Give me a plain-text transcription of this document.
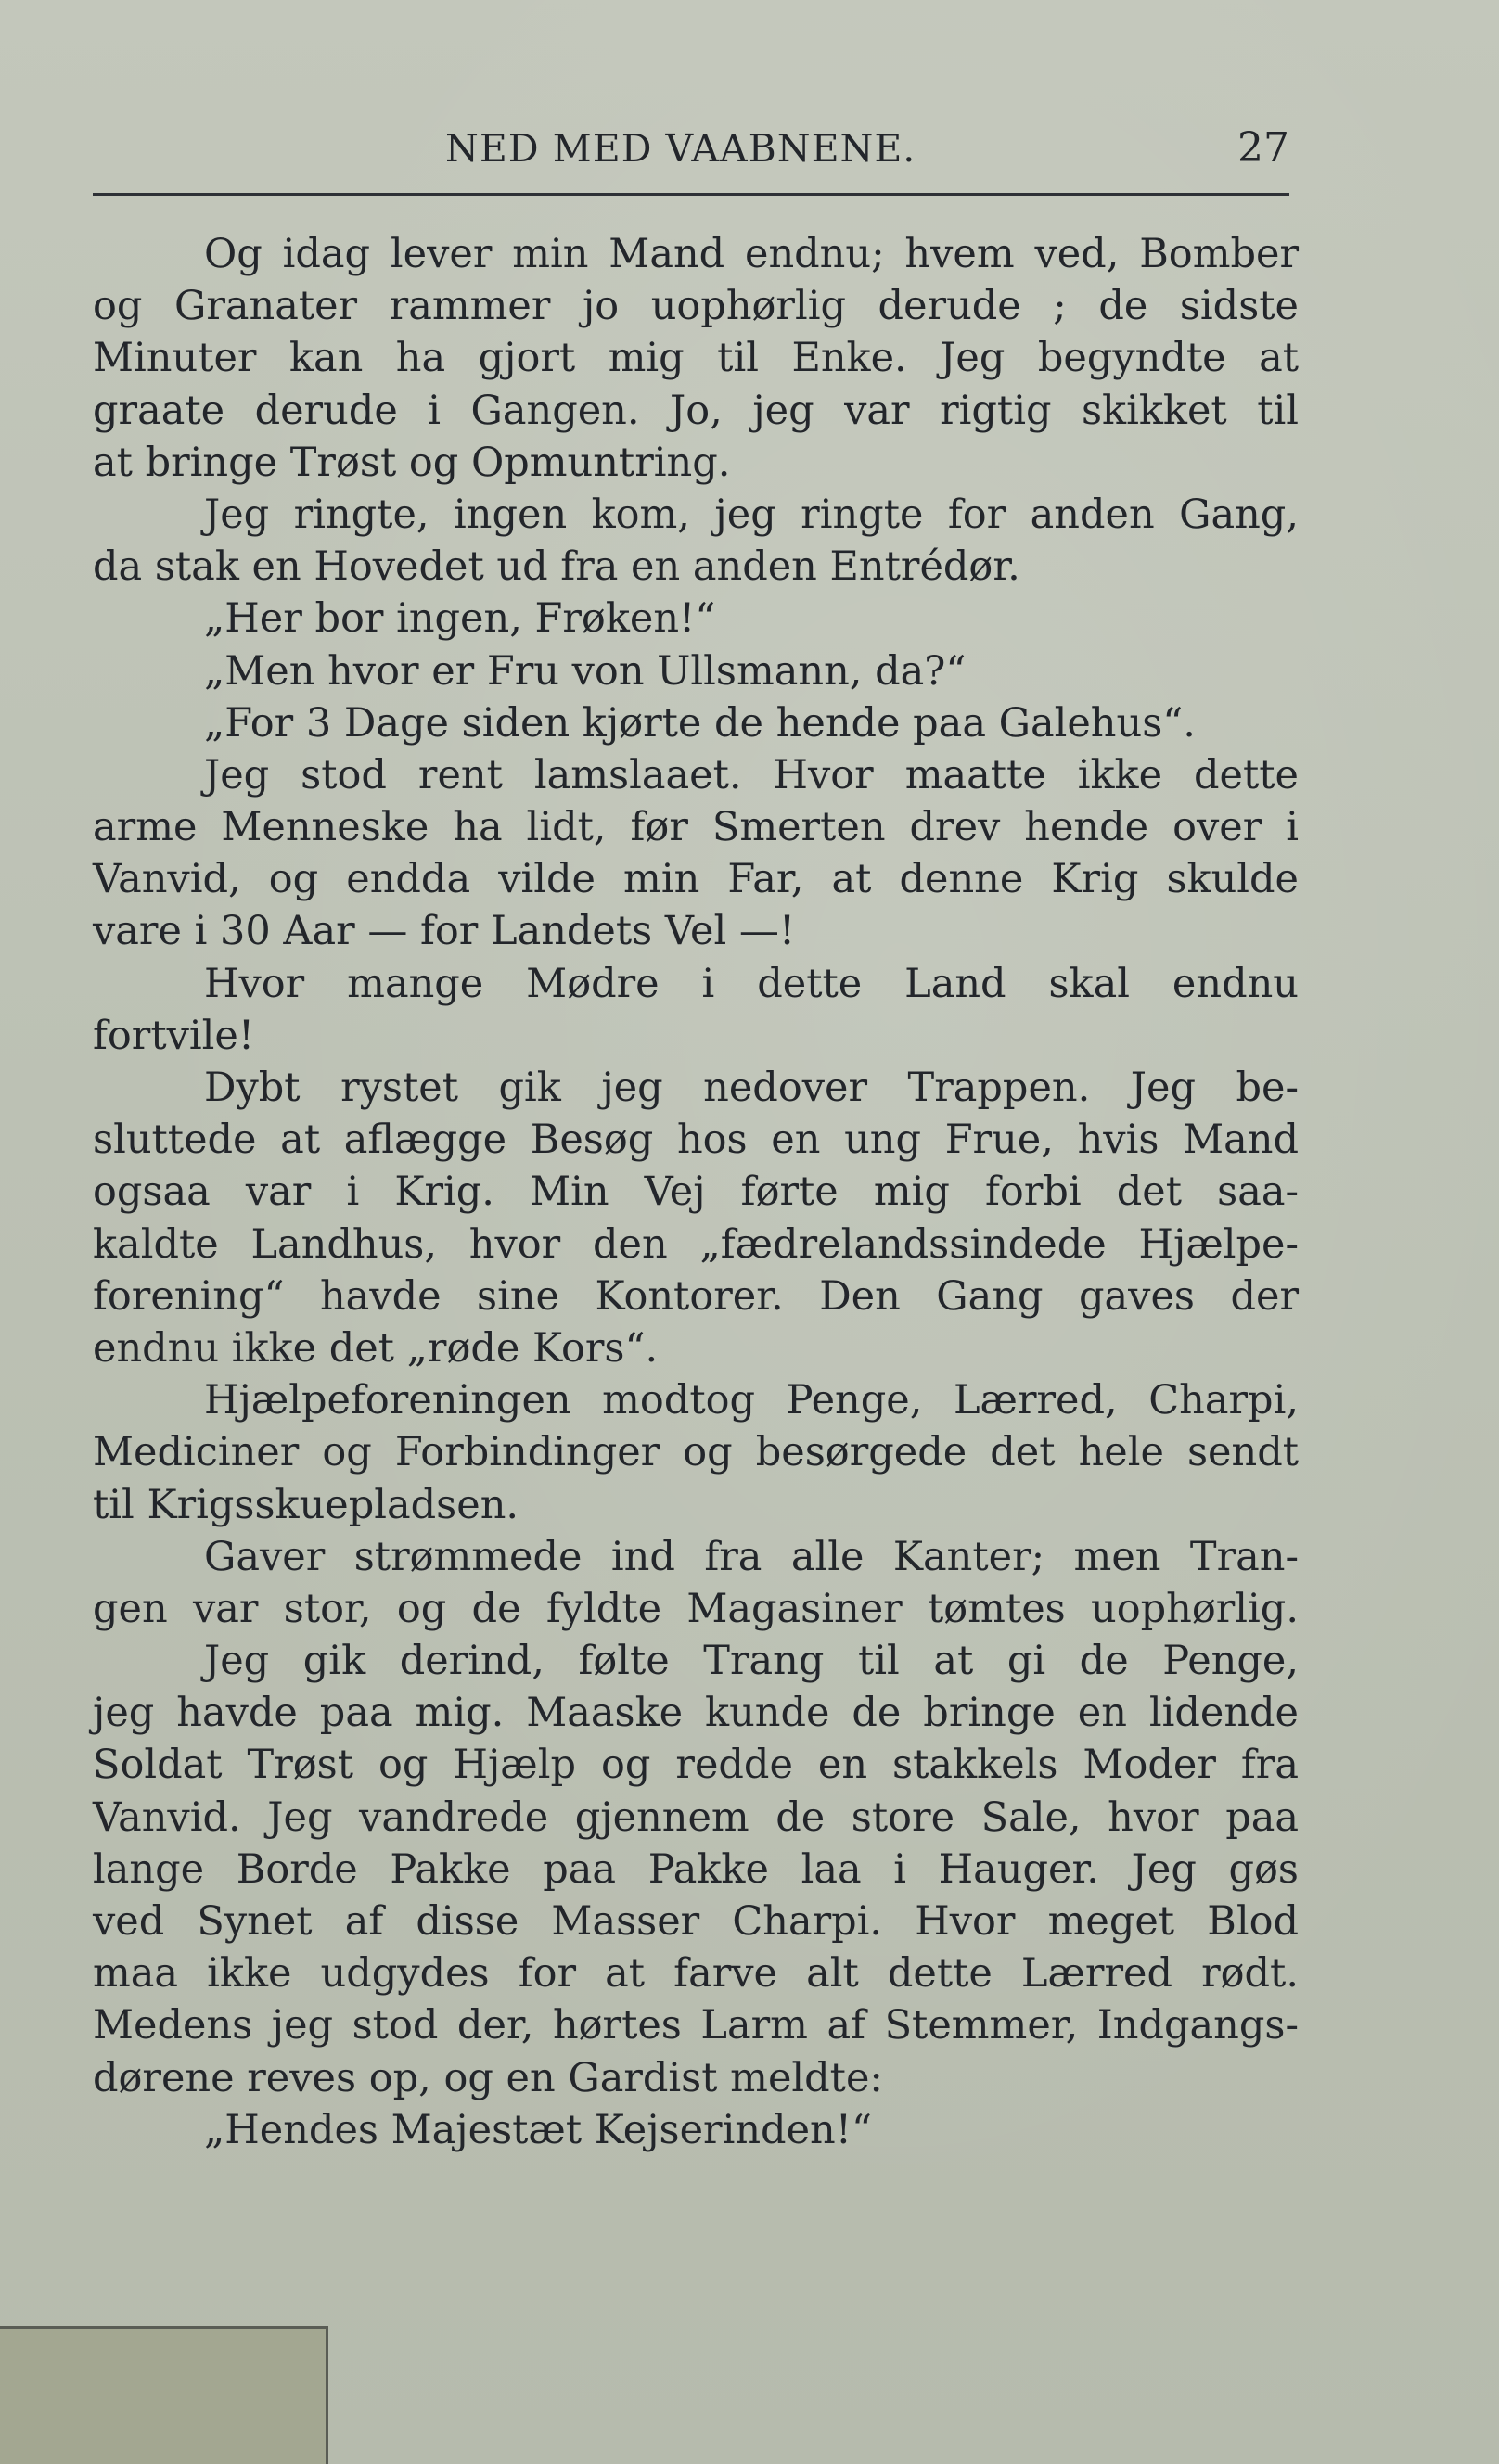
NED MED VAABNENE.	27
Og idag lever min Mand endnu; hvem ved, Bomber
og Granater rammer jo uophørlig derude ; de sidste
Minuter kan ha gjort mig til Enke. Jeg begyndte at
graate derude i Gangen. Jo, jeg var rigtig skikket til
at bringe Trøst og Opmuntring.
Jeg ringte, ingen kom, jeg ringte for anden Gang,
da stak en Hovedet ud fra en anden Entrédør.
„Her bor ingen, Frøken!“
„Men hvor er Fru von Ullsmann, da?“
„For 3 Dage siden kjørte de hende paa Galehus“.
Jeg stod rent lamslaaet. Hvor maatte ikke dette
arme Menneske ha lidt, før Smerten drev hende over i
Vanvid, og endda vilde min Far, at denne Krig skulde
vare i 30 Aar — for Landets Vel —!
Hvor mange Mødre i dette Land skal endnu
fortvile!
Dybt rystet gik jeg nedover Trappen. Jeg be-
sluttede at aflægge Besøg hos en ung Frue, hvis Mand
ogsaa var i Krig. Min Vej førte mig forbi det saa-
kaldte Landhus, hvor den „fædrelandssindede Hjælpe-
forening“ havde sine Kontorer. Den Gang gaves der
endnu ikke det „røde Kors“.
Hjælpeforeningen modtog Penge, Lærred, Charpi,
Mediciner og Forbindinger og besørgede det hele sendt
til Krigsskuepladsen.
Gaver strømmede ind fra alle Kanter; men Tran-
gen var stor, og de fyldte Magasiner tømtes uophørlig.
Jeg gik derind, følte Trang til at gi de Penge,
jeg havde paa mig. Maaske kunde de bringe en lidende
Soldat Trøst og Hjælp og redde en stakkels Moder fra
Vanvid. Jeg vandrede gjennem de store Sale, hvor paa
lange Borde Pakke paa Pakke laa i Hauger. Jeg gøs
ved Synet af disse Masser Charpi. Hvor meget Blod
maa ikke udgydes for at farve alt dette Lærred rødt.
Medens jeg stod der, hørtes Larm af Stemmer, Indgangs-
dørene reves op, og en Gardist meldte:
„Hendes Majestæt Kejserinden!“
